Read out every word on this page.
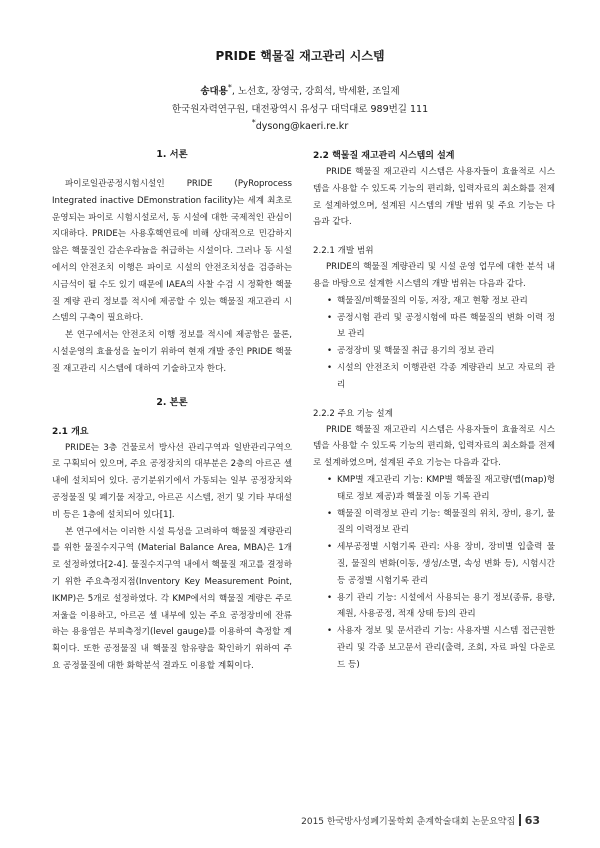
PRIDE 핵물질 재고관리 시스템
송대용*, 노선호, 장영국, 강희석, 박세환, 조일제
한국원자력연구원, 대전광역시 유성구 대덕대로 989번길 111
*dysong@kaeri.re.kr
1. 서론

파이로일관공정시험시설인 PRIDE (PyRoprocess Integrated inactive DEmonstration facility)는 세계 최초로 운영되는 파이로 시험시설로서, 동 시설에 대한 국제적인 관심이 지대하다. PRIDE는 사용후핵연료에 비해 상대적으로 민감하지 않은 핵물질인 감손우라늄을 취급하는 시설이다. 그러나 동 시설에서의 안전조치 이행은 파이로 시설의 안전조치성을 검증하는 시금석이 될 수도 있기 때문에 IAEA의 사찰 수검 시 정확한 핵물질 계량 관리 정보를 적시에 제공할 수 있는 핵물질 재고관리 시스템의 구축이 필요하다.

본 연구에서는 안전조치 이행 정보를 적시에 제공함은 물론, 시설운영의 효율성을 높이기 위하여 현재 개발 중인 PRIDE 핵물질 재고관리 시스템에 대하여 기술하고자 한다.

2. 본론
2.1 개요

PRIDE는 3층 건물로서 방사선 관리구역과 일반관리구역으로 구획되어 있으며, 주요 공정장치의 대부분은 2층의 아르곤 셀 내에 설치되어 있다. 공기분위기에서 가동되는 일부 공정장치와 공정물질 및 폐기물 저장고, 아르곤 시스템, 전기 및 기타 부대설비 등은 1층에 설치되어 있다[1].

본 연구에서는 이러한 시설 특성을 고려하여 핵물질 계량관리를 위한 물질수지구역 (Material Balance Area, MBA)은 1개로 설정하였다[2-4]. 물질수지구역 내에서 핵물질 재고를 결정하기 위한 주요측정지점(Inventory Key Measurement Point, IKMP)은 5개로 설정하였다. 각 KMP에서의 핵물질 계량은 주로 저울을 이용하고, 아르곤 셀 내부에 있는 주요 공정장비에 잔류하는 용융염은 부피측정기(level gauge)를 이용하여 측정할 계획이다. 또한 공정물질 내 핵물질 함유량을 확인하기 위하여 주요 공정물질에 대한 화학분석 결과도 이용할 계획이다.

2.2 핵물질 재고관리 시스템의 설계

PRIDE 핵물질 재고관리 시스템은 사용자들이 효율적로 시스템을 사용할 수 있도록 기능의 편리화, 입력자료의 최소화를 전제로 설계하였으며, 설계된 시스템의 개발 범위 및 주요 기능는 다음과 같다.

2.2.1 개발 범위

PRIDE의 핵물질 계량관리 및 시설 운영 업무에 대한 분석 내용을 바탕으로 설계한 시스템의 개발 범위는 다음과 같다.

• 핵물질/비핵물질의 이동, 저장, 재고 현황 정보 관리
• 공정시험 관리 및 공정시험에 따른 핵물질의 변화 이력 정보 관리
• 공정장비 및 핵물질 취급 용기의 정보 관리
• 시설의 안전조치 이행관련 각종 계량관리 보고 자료의 관리
2.2.2 주요 기능 설계

PRIDE 핵물질 재고관리 시스템은 사용자들이 효율적로 시스템을 사용할 수 있도록 기능의 편리화, 입력자료의 최소화를 전제로 설계하였으며, 설계된 주요 기능는 다음과 같다.

• KMP별 재고관리 기능: KMP별 핵물질 재고량(맵(map)형태로 정보 제공)과 핵물질 이동 기록 관리
• 핵물질 이력정보 관리 기능: 핵물질의 위치, 장비, 용기, 물질의 이력정보 관리
• 세부공정별 시험기록 관리: 사용 장비, 장비별 입출력 물질, 물질의 변화(이동, 생성/소멸, 속성 변화 등), 시험시간 등 공정별 시험기록 관리
• 용기 관리 기능: 시설에서 사용되는 용기 정보(종류, 용량, 제원, 사용공정, 적재 상태 등)의 관리
• 사용자 정보 및 문서관리 기능: 사용자별 시스템 접근권한 관리 및 각종 보고문서 관리(출력, 조회, 자료 파일 다운로드 등)
2015 한국방사성폐기물학회 춘계학술대회 논문요약집 63
